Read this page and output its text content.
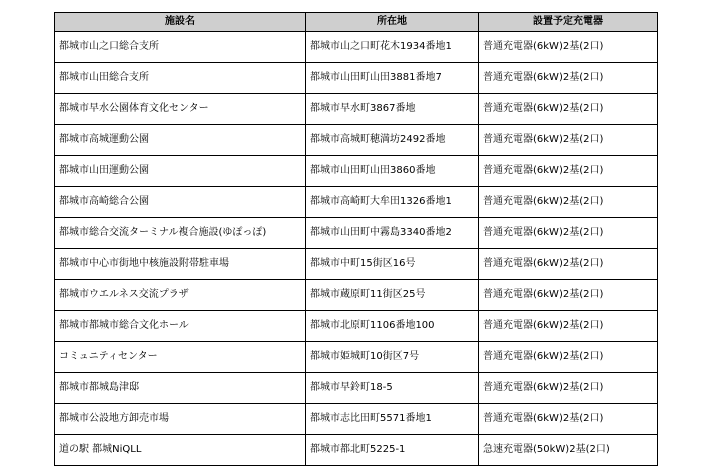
施設名	所在地	設置予定充電器
都城市山之口総合支所	都城市山之口町花木1934番地1	普通充電器(6kW)2基(2口)
都城市山田総合支所	都城市山田町山田3881番地7	普通充電器(6kW)2基(2口)
都城市早水公園体育文化センター	都城市早水町3867番地	普通充電器(6kW)2基(2口)
都城市高城運動公園	都城市高城町穂満坊2492番地	普通充電器(6kW)2基(2口)
都城市山田運動公園	都城市山田町山田3860番地	普通充電器(6kW)2基(2口)
都城市高崎総合公園	都城市高崎町大牟田1326番地1	普通充電器(6kW)2基(2口)
都城市総合交流ターミナル複合施設(ゆぽっぽ)	都城市山田町中霧島3340番地2	普通充電器(6kW)2基(2口)
都城市中心市街地中核施設附帯駐車場	都城市中町15街区16号	普通充電器(6kW)2基(2口)
都城市ウエルネス交流プラザ	都城市蔵原町11街区25号	普通充電器(6kW)2基(2口)
都城市都城市総合文化ホール	都城市北原町1106番地100	普通充電器(6kW)2基(2口)
コミュニティセンター	都城市姫城町10街区7号	普通充電器(6kW)2基(2口)
都城市都城島津邸	都城市早鈴町18-5	普通充電器(6kW)2基(2口)
都城市公設地方卸売市場	都城市志比田町5571番地1	普通充電器(6kW)2基(2口)
道の駅 都城NiQLL	都城市都北町5225-1	急速充電器(50kW)2基(2口)
